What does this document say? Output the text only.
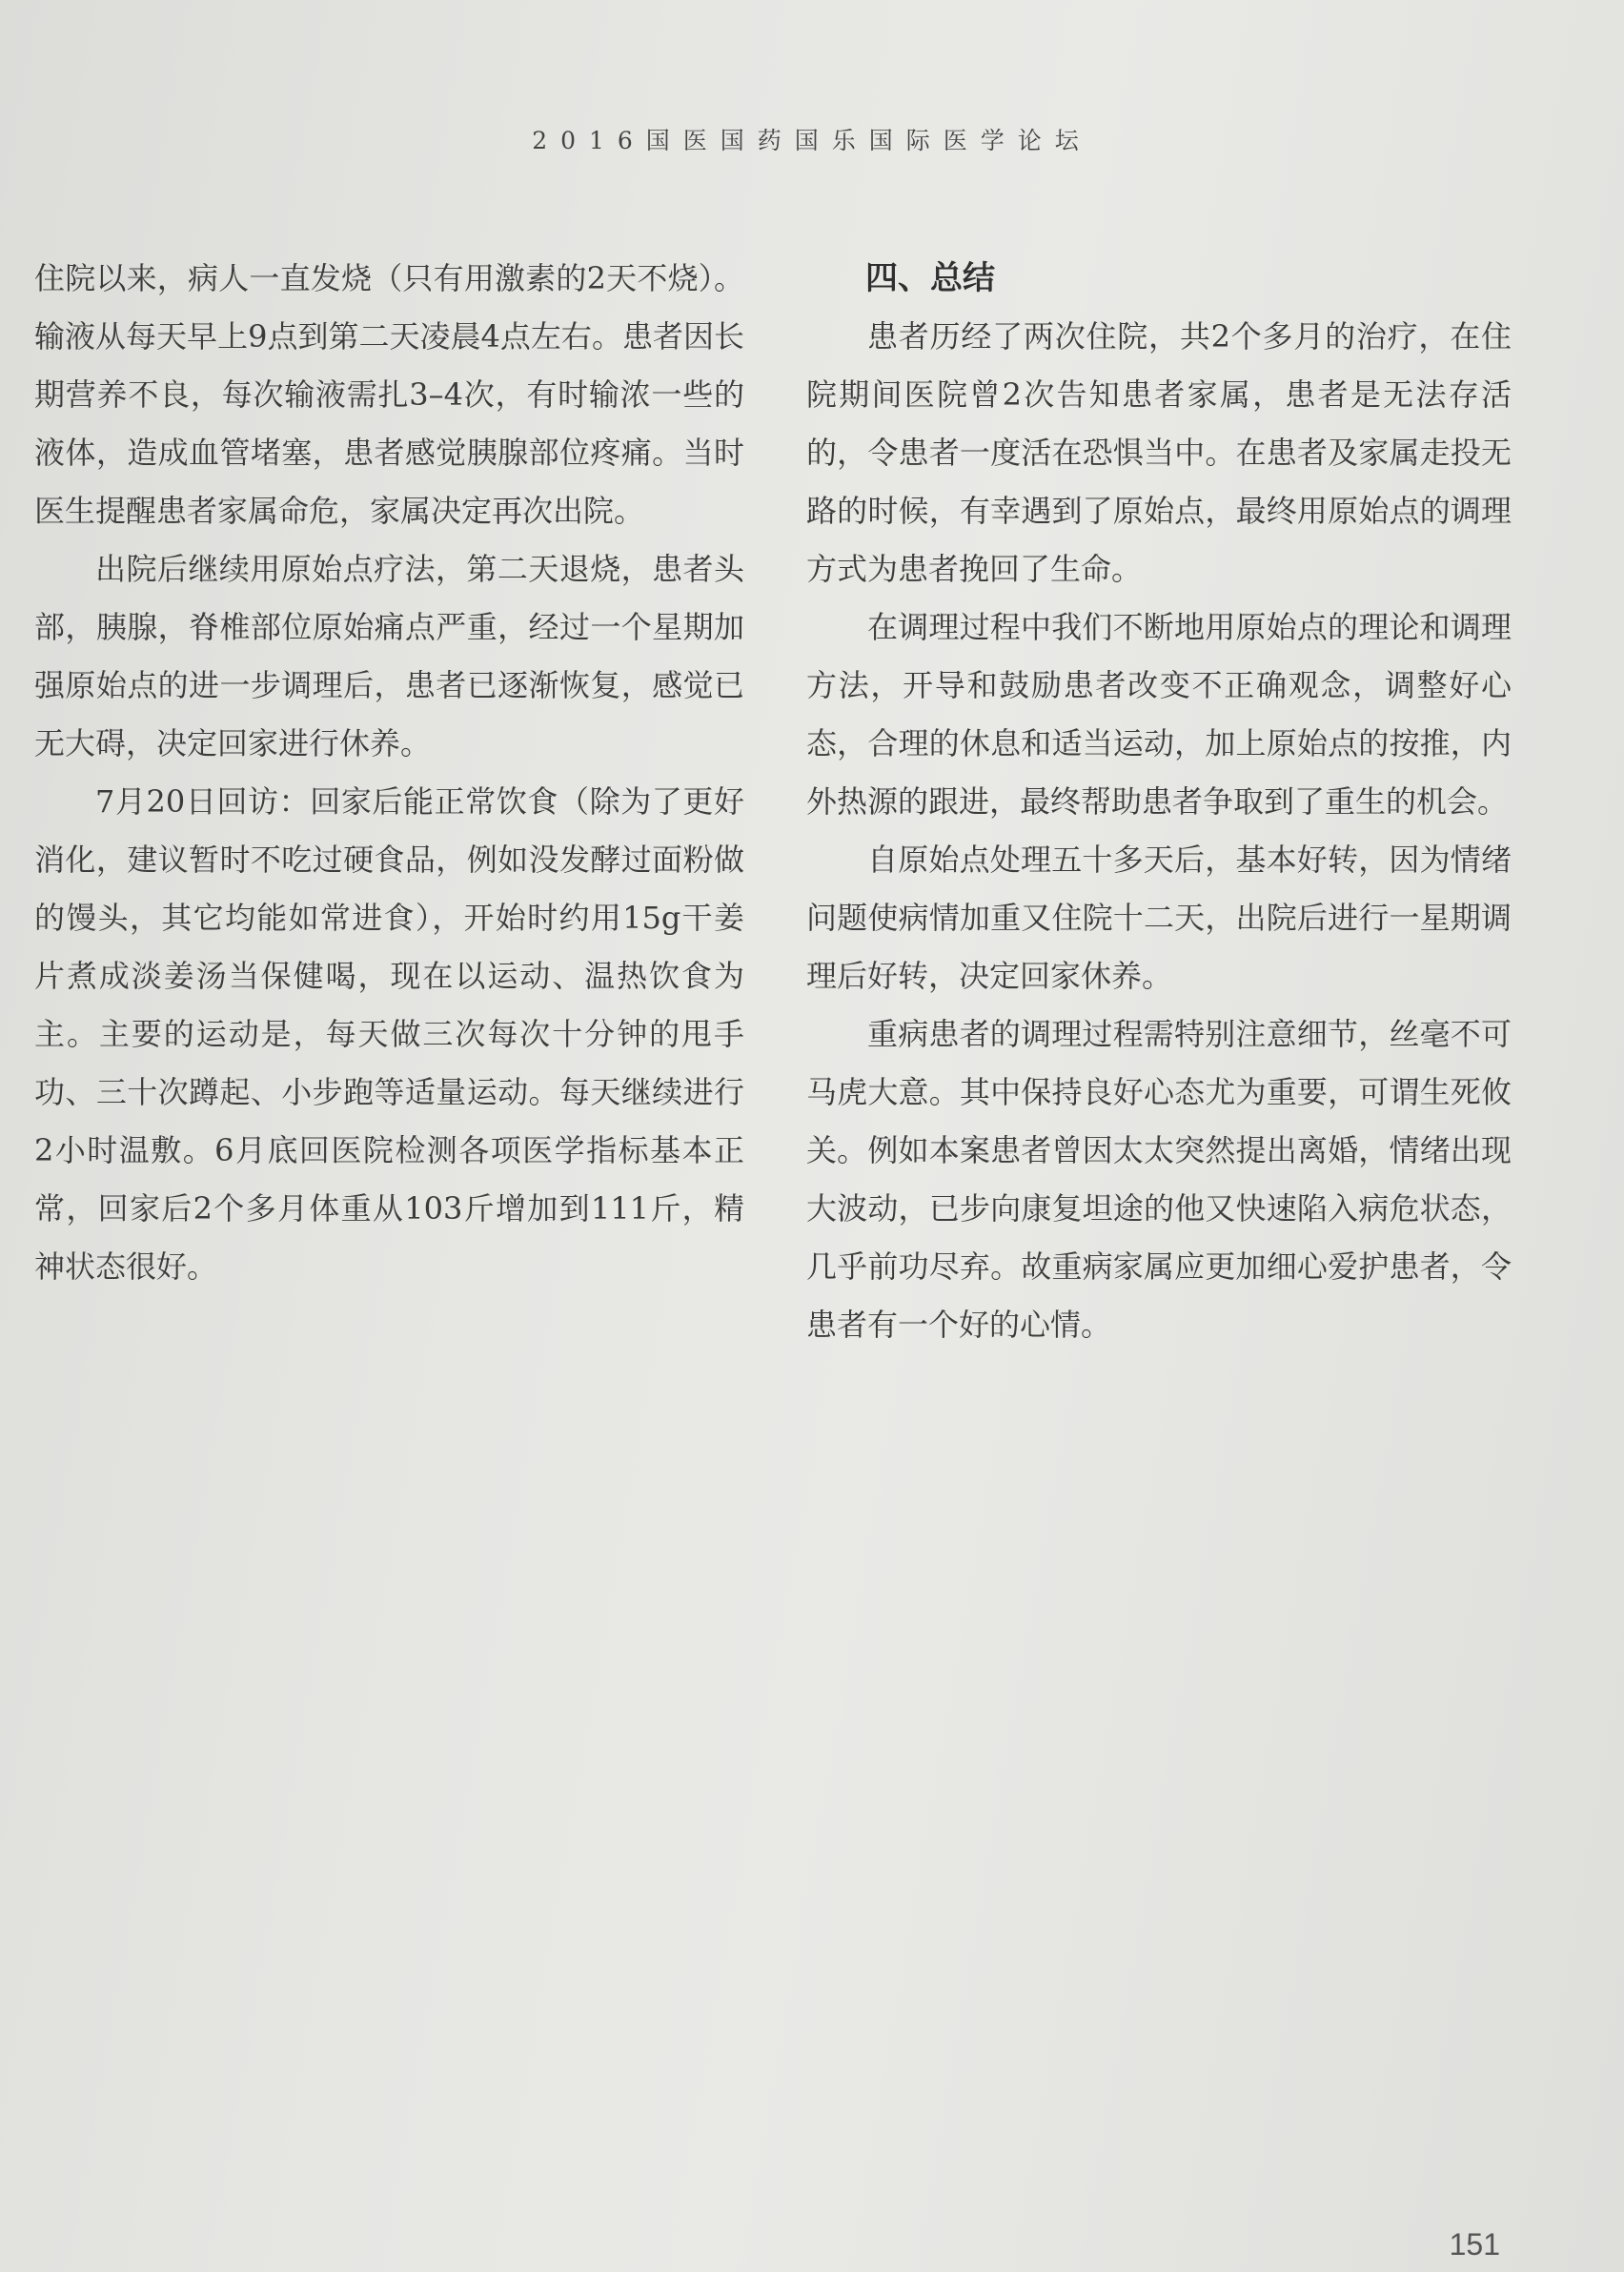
2016国医国药国乐国际医学论坛

住院以来，病人一直发烧（只有用激素的2天不烧）。输液从每天早上9点到第二天凌晨4点左右。患者因长期营养不良，每次输液需扎3–4次，有时输浓一些的液体，造成血管堵塞，患者感觉胰腺部位疼痛。当时医生提醒患者家属命危，家属决定再次出院。

出院后继续用原始点疗法，第二天退烧，患者头部，胰腺，脊椎部位原始痛点严重，经过一个星期加强原始点的进一步调理后，患者已逐渐恢复，感觉已无大碍，决定回家进行休养。

7月20日回访：回家后能正常饮食（除为了更好消化，建议暂时不吃过硬食品，例如没发酵过面粉做的馒头，其它均能如常进食），开始时约用15g干姜片煮成淡姜汤当保健喝，现在以运动、温热饮食为主。主要的运动是，每天做三次每次十分钟的甩手功、三十次蹲起、小步跑等适量运动。每天继续进行2小时温敷。6月底回医院检测各项医学指标基本正常，回家后2个多月体重从103斤增加到111斤，精神状态很好。

四、总结

患者历经了两次住院，共2个多月的治疗，在住院期间医院曾2次告知患者家属，患者是无法存活的，令患者一度活在恐惧当中。在患者及家属走投无路的时候，有幸遇到了原始点，最终用原始点的调理方式为患者挽回了生命。

在调理过程中我们不断地用原始点的理论和调理方法，开导和鼓励患者改变不正确观念，调整好心态，合理的休息和适当运动，加上原始点的按推，内外热源的跟进，最终帮助患者争取到了重生的机会。

自原始点处理五十多天后，基本好转，因为情绪问题使病情加重又住院十二天，出院后进行一星期调理后好转，决定回家休养。

重病患者的调理过程需特别注意细节，丝毫不可马虎大意。其中保持良好心态尤为重要，可谓生死攸关。例如本案患者曾因太太突然提出离婚，情绪出现大波动，已步向康复坦途的他又快速陷入病危状态，几乎前功尽弃。故重病家属应更加细心爱护患者，令患者有一个好的心情。

151
